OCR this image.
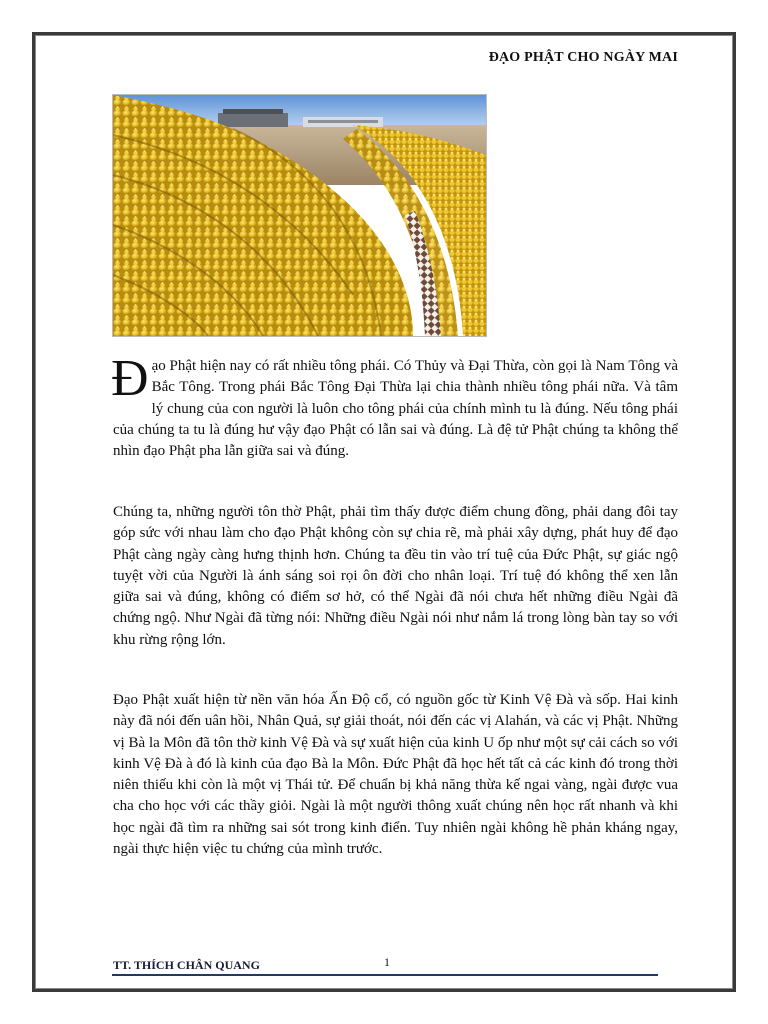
ĐẠO PHẬT CHO NGÀY MAI

Đạo Phật hiện nay có rất nhiều tông phái. Có Thủy và Đại Thừa, còn gọi là Nam Tông và Bắc Tông. Trong phái Bắc Tông Đại Thừa lại chia thành nhiều tông phái nữa. Và tâm lý chung của con người là luôn cho tông phái của chính mình tu là đúng. Nếu tông phái của chúng ta tu là đúng hư vậy đạo Phật có lẫn sai và đúng. Là đệ tử Phật chúng ta không thể nhìn đạo Phật pha lẫn giữa sai và đúng.

Chúng ta, những người tôn thờ Phật, phải tìm thấy được điểm chung đồng, phải dang đôi tay góp sức với nhau làm cho đạo Phật không còn sự chia rẽ, mà phải xây dựng, phát huy để đạo Phật càng ngày càng hưng thịnh hơn. Chúng ta đều tin vào trí tuệ của Đức Phật, sự giác ngộ tuyệt vời của Người là ánh sáng soi rọi ôn đời cho nhân loại. Trí tuệ đó không thể xen lẫn giữa sai và đúng, không có điểm sơ hở, có thể Ngài đã nói chưa hết những điều Ngài đã chứng ngộ. Như Ngài đã từng nói: Những điều Ngài nói như nắm lá trong lòng bàn tay so với khu rừng rộng lớn.

Đạo Phật xuất hiện từ nền văn hóa Ấn Độ cổ, có nguồn gốc từ Kinh Vệ Đà và sốp. Hai kinh này đã nói đến uân hồi, Nhân Quả, sự giải thoát, nói đến các vị Alahán, và các vị Phật. Những vị Bà la Môn đã tôn thờ kinh Vệ Đà và sự xuất hiện của kinh U ốp như một sự cải cách so với kinh Vệ Đà à đó là kinh của đạo Bà la Môn. Đức Phật đã học hết tất cả các kinh đó trong thời niên thiếu khi còn là một vị Thái tử. Để chuẩn bị khả năng thừa kế ngai vàng, ngài được vua cha cho học với các thầy giỏi. Ngài là một người thông xuất chúng nên học rất nhanh và khi học ngài đã tìm ra những sai sót trong kinh điển. Tuy nhiên ngài không hề phản kháng ngay, ngài thực hiện việc tu chứng của mình trước.

TT. THÍCH CHÂN QUANG	1
